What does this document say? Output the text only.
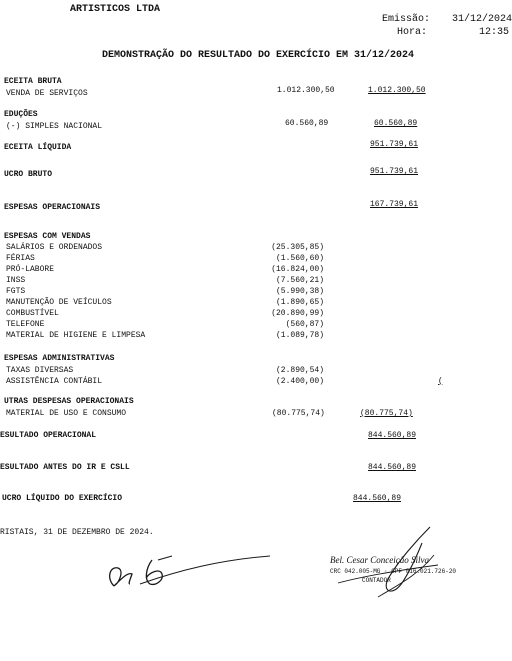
ARTISTICOS LTDA
Emissão: 31/12/2024
Hora:	12:35
DEMONSTRAÇÃO DO RESULTADO DO EXERCÍCIO EM 31/12/2024
ECEITA BRUTA
VENDA DE SERVIÇOS	1.012.300,50	1.012.300,50
EDUÇÕES
(-) SIMPLES NACIONAL	60.560,89	60.560,89
ECEITA LÍQUIDA	951.739,61
UCRO BRUTO	951.739,61
ESPESAS OPERACIONAIS	167.739,61
ESPESAS COM VENDAS
SALÁRIOS E ORDENADOS	(25.305,85)
FÉRIAS	(1.560,60)
PRÓ-LABORE	(16.824,00)
INSS	(7.560,21)
FGTS	(5.990,38)
MANUTENÇÃO DE VEÍCULOS	(1.890,65)
COMBUSTÍVEL	(20.890,99)
TELEFONE	(560,87)
MATERIAL DE HIGIENE E LIMPESA	(1.089,78)
ESPESAS ADMINISTRATIVAS
TAXAS DIVERSAS	(2.890,54)
ASSISTÊNCIA CONTÁBIL	(2.400,00)	(
UTRAS DESPESAS OPERACIONAIS
MATERIAL DE USO E CONSUMO	(80.775,74)	(80.775,74)
ESULTADO OPERACIONAL	844.560,89
ESULTADO ANTES DO IR E CSLL	844.560,89
UCRO LÍQUIDO DO EXERCÍCIO	844.560,89
RISTAIS, 31 DE DEZEMBRO DE 2024.
Bel. Cesar Conceição Silva
CRC 042.005-MG · CPF 016.021.726-20
CONTADOR
